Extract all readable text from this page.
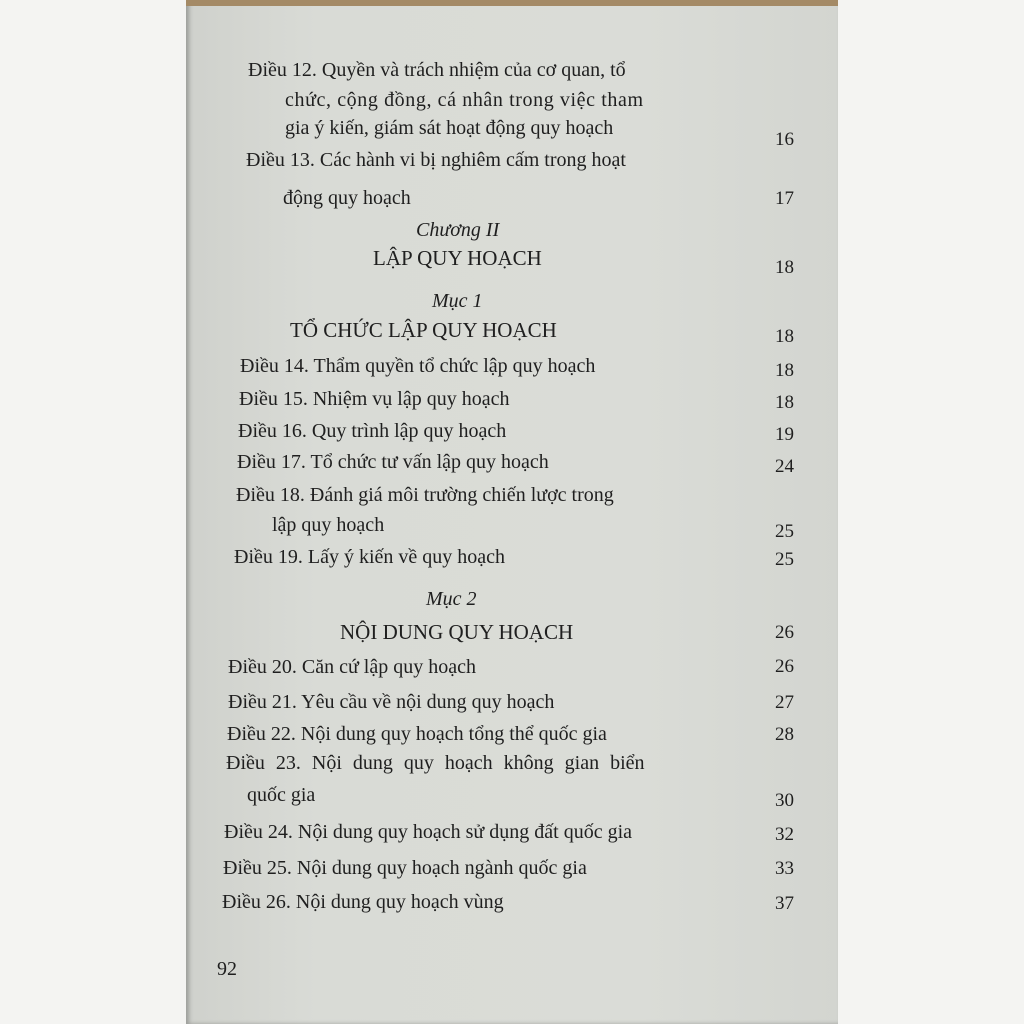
Điều 12. Quyền và trách nhiệm của cơ quan, tổ
chức, cộng đồng, cá nhân trong việc tham
gia ý kiến, giám sát hoạt động quy hoạch
16
Điều 13. Các hành vi bị nghiêm cấm trong hoạt
động quy hoạch	17
Chương II
LẬP QUY HOẠCH	18
Mục 1
TỔ CHỨC LẬP QUY HOẠCH	18
Điều 14. Thẩm quyền tổ chức lập quy hoạch	18
Điều 15. Nhiệm vụ lập quy hoạch	18
Điều 16. Quy trình lập quy hoạch	19
Điều 17. Tổ chức tư vấn lập quy hoạch	24
Điều 18. Đánh giá môi trường chiến lược trong
lập quy hoạch	25
Điều 19. Lấy ý kiến về quy hoạch	25
Mục 2
NỘI DUNG QUY HOẠCH	26
Điều 20. Căn cứ lập quy hoạch	26
Điều 21. Yêu cầu về nội dung quy hoạch	27
Điều 22. Nội dung quy hoạch tổng thể quốc gia	28
Điều 23. Nội dung quy hoạch không gian biển
quốc gia	30
Điều 24. Nội dung quy hoạch sử dụng đất quốc gia	32
Điều 25. Nội dung quy hoạch ngành quốc gia	33
Điều 26. Nội dung quy hoạch vùng	37
92
